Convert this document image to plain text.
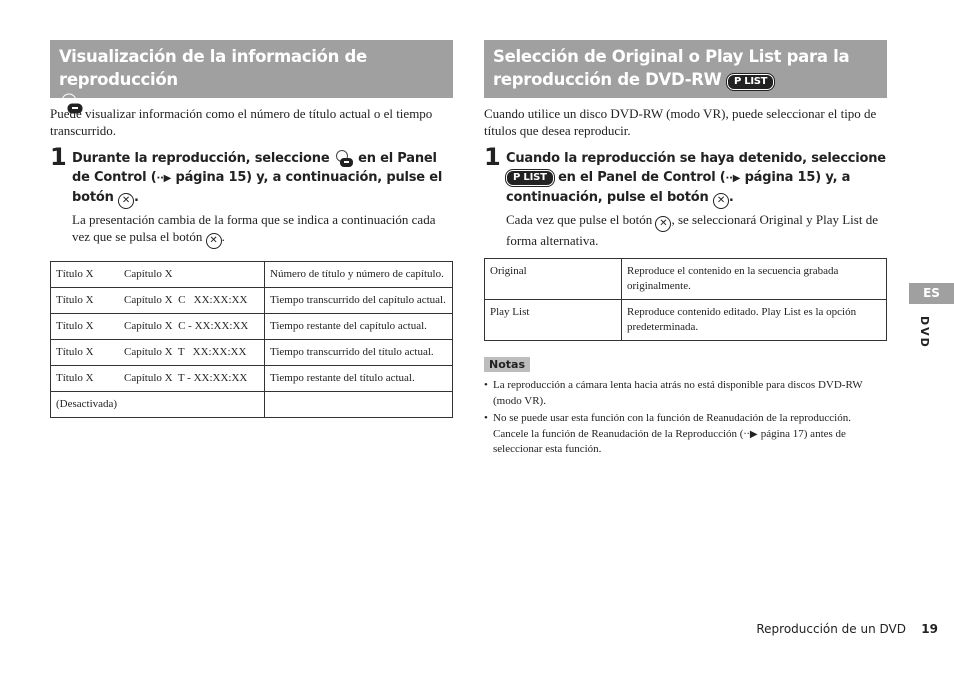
Visualización de la información de reproducción

Puede visualizar información como el número de título actual o el tiempo transcurrido.
1 Durante la reproducción, seleccione en el Panel de Control (··▶ página 15) y, a continuación, pulse el botón ✕ .
La presentación cambia de la forma que se indica a continuación cada vez que se pulsa el botón ✕ .
Título X Capítulo X	Número de título y número de capítulo.
Título X Capítulo X  C   XX:XX:XX	Tiempo transcurrido del capítulo actual.
Título X Capítulo X  C - XX:XX:XX	Tiempo restante del capítulo actual.
Título X Capítulo X  T   XX:XX:XX	Tiempo transcurrido del título actual.
Título X Capítulo X  T - XX:XX:XX	Tiempo restante del título actual.
(Desactivada)	
Selección de Original o Play List para la
reproducción de DVD-RW P LIST
Cuando utilice un disco DVD-RW (modo VR), puede seleccionar el tipo de títulos que desea reproducir.
1 Cuando la reproducción se haya detenido, seleccione
P LIST en el Panel de Control (··▶ página 15) y, a continuación, pulse el botón ✕ .
Cada vez que pulse el botón ✕ , se seleccionará Original y Play List de forma alternativa.
Original	Reproduce el contenido en la secuencia grabada originalmente.
Play List	Reproduce contenido editado. Play List es la opción predeterminada.
Notas
• La reproducción a cámara lenta hacia atrás no está disponible para discos DVD-RW (modo VR).
• No se puede usar esta función con la función de Reanudación de la reproducción. Cancele la función de Reanudación de la Reproducción (··▶ página 17) antes de seleccionar esta función.
ES
DVD
Reproducción de un DVD 19
